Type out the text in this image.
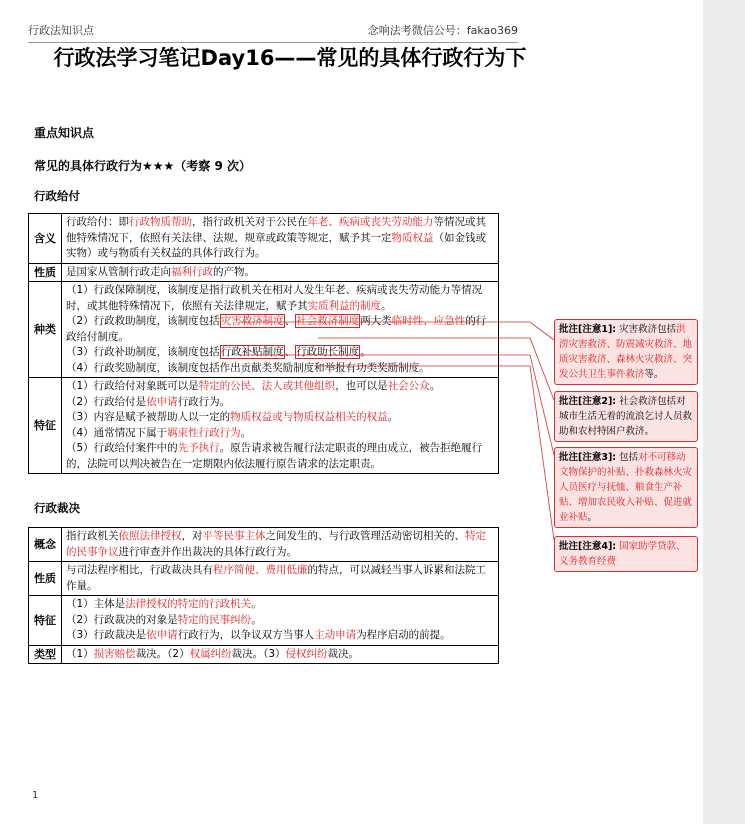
行政法知识点	念响法考微信公号：fakao369
行政法学习笔记Day16——常见的具体行政行为下
重点知识点
常见的具体行政行为★★★（考察 9 次）
行政给付
含义	行政给付：即行政物质帮助，指行政机关对于公民在年老、疾病或丧失劳动能力等情况或其他特殊情况下，依照有关法律、法规、规章或政策等规定，赋予其一定物质权益（如金钱或实物）或与物质有关权益的具体行政行为。
性质	是国家从管制行政走向福利行政的产物。
种类	（1）行政保障制度，该制度是指行政机关在相对人发生年老、疾病或丧失劳动能力等情况时，或其他特殊情况下，依照有关法律规定，赋予其实质利益的制度。
（2）行政救助制度，该制度包括灾害救济制度、社会救济制度两大类临时性、应急性的行政给付制度。
（3）行政补助制度，该制度包括行政补贴制度、行政助长制度。
（4）行政奖励制度，该制度包括作出贡献类奖励制度和举报有功类奖励制度。

特征	（1）行政给付对象既可以是特定的公民、法人或其他组织，也可以是社会公众。
（2）行政给付是依申请行政行为。
（3）内容是赋予被帮助人以一定的物质权益或与物质权益相关的权益。
（4）通常情况下属于羁束性行政行为。
（5）行政给付案件中的先予执行。原告请求被告履行法定职责的理由成立，被告拒绝履行的，法院可以判决被告在一定期限内依法履行原告请求的法定职责。
行政裁决
概念	指行政机关依照法律授权，对平等民事主体之间发生的、与行政管理活动密切相关的、特定的民事争议进行审查并作出裁决的具体行政行为。
性质	与司法程序相比，行政裁决具有程序简便、费用低廉的特点，可以减轻当事人诉累和法院工作量。
特征	（1）主体是法律授权的特定的行政机关。
（2）行政裁决的对象是特定的民事纠纷。
（3）行政裁决是依申请行政行为，以争议双方当事人主动申请为程序启动的前提。

类型	（1）损害赔偿裁决。（2）权属纠纷裁决。（3）侵权纠纷裁决。
1
批注[注意1]: 灾害救济包括洪涝灾害救济、防震减灾救济、地质灾害救济、森林火灾救济、突发公共卫生事件救济等。
批注[注意2]: 社会救济包括对城市生活无着的流浪乞讨人员救助和农村特困户救济。
批注[注意3]: 包括对不可移动文物保护的补贴、扑救森林火灾人员医疗与抚恤、粮食生产补贴、增加农民收入补贴、促进就业补贴。
批注[注意4]: 国家助学贷款、义务教育经费
